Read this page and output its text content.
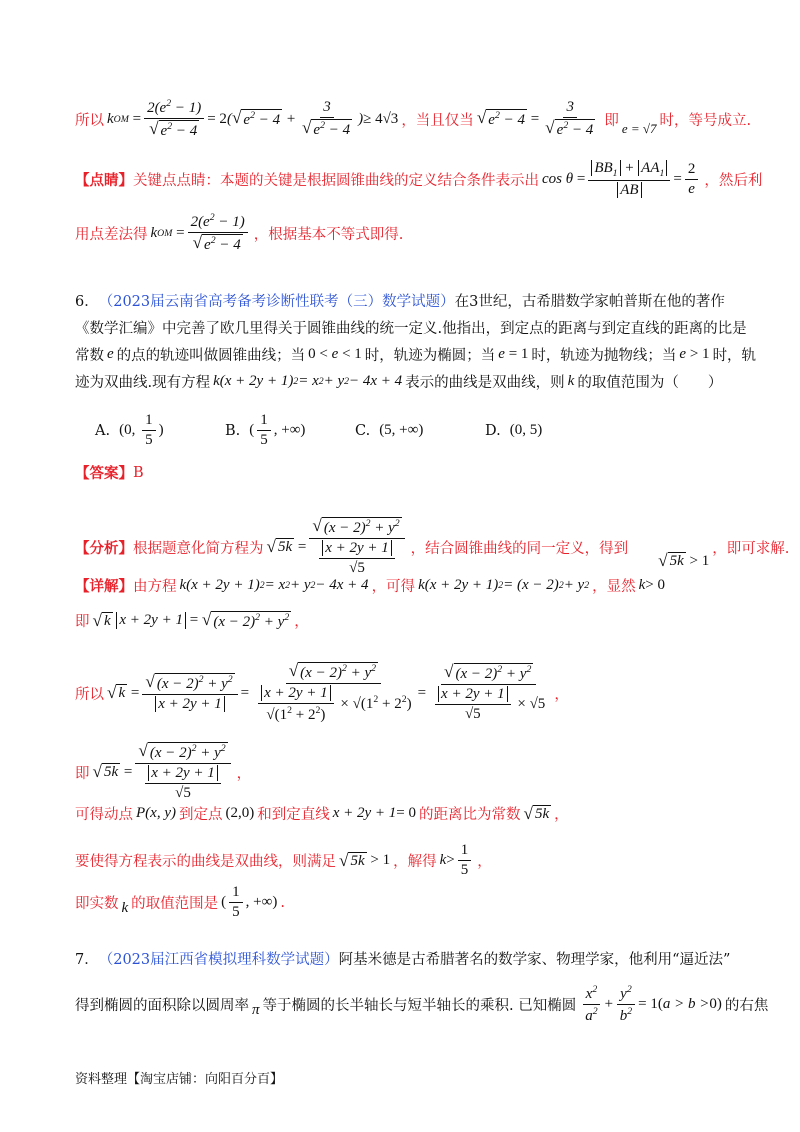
所以 k OM
= $\frac{2(e^2 - 1)}{√ e^2 - 4} = 2$ ( √ $e^2 - 4 + \frac{3}{√ e^2 - 4}$ ) ≥ 4√3 ，当且仅当 √ $e^2 - 4$
= $\frac{3}{√ e^2 - 4}$ 即 e = √7 时，等号成立.
【点睛】 关键点点睛：本题的关键是根据圆锥曲线的定义结合条件表示出 $\cos \theta = \frac{BB_1 + AA_1}{AB} = \frac{2}{e}$ ，然后利
用点差法得 k OM
= $\frac{2(e^2 - 1)}{√ e^2 - 4}$ ，根据基本不等式即得.
6． （2023届云南省高考备考诊断性联考（三）数学试题） 在3世纪，古希腊数学家帕普斯在他的著作
《数学汇编》中完善了欧几里得关于圆锥曲线的统一定义.他指出，到定点的距离与到定直线的距离的比是
常数 e 的点的轨迹叫做圆锥曲线；当 0 < e < 1 时，轨迹为椭圆；当 e = 1 时，轨迹为抛物线；当 e > 1 时，轨
迹为双曲线.现有方程 k(x + 2y + 1) 2 = x 2 + y 2 − 4x + 4 表示的曲线是双曲线，则 k 的取值范围为（　　）
A. (0,
$\frac{1}{5}$ )	B. ( $\frac{1}{5}$ , +∞)	C. (5, +∞)	D. (0, 5)
【答案】 B
【分析】 根据题意化简方程为 √ 5k
= $\frac{√ (x - 2)^2 + y^2}{\frac{x + 2y + 1}{√5}}$ ，结合圆锥曲线的同一定义，得到
√ 5k
> 1
，即可求解.
【详解】 由方程 k(x + 2y + 1) 2 = x 2 + y 2 − 4x + 4 ，可得 k(x + 2y + 1) 2 = (x − 2) 2 + y 2 ，显然 k > 0
即 √ k
x + 2y + 1
=
√ $(x - 2)^2 + y^2$ ，
所以 √ k
= $\frac{√ (x - 2)^2 + y^2}{x + 2y + 1} = \frac{√ (x - 2)^2 + y^2}{\frac{x + 2y + 1}{√(1^2 + 2^2)} \times √(1^2 + 2^2)} = \frac{√ (x - 2)^2 + y^2}{\frac{x + 2y + 1}{√5} \times √5}$ ，
即 √ 5k
= $\frac{√ (x - 2)^2 + y^2}{\frac{x + 2y + 1}{√5}}$ ，
可得动点 P(x, y) 到定点 (2,0) 和到定直线 x + 2y + 1 = 0 的距离比为常数 √ 5k ，
要使得方程表示的曲线是双曲线，则满足 √ 5k
> 1 ，解得 $k > \frac{1}{5}$ ，
即实数 k 的取值范围是 ( $\frac{1}{5}$ , +∞) .
7． （2023届江西省模拟理科数学试题） 阿基米德是古希腊著名的数学家、物理学家，他利用“逼近法”
得到椭圆的面积除以圆周率 π 等于椭圆的长半轴长与短半轴长的乘积 . 已知椭圆 $\frac{x^2}{a^2} + \frac{y^2}{b^2} = 1$( a > b > 0) 的右焦
资料整理【淘宝店铺：向阳百分百】
